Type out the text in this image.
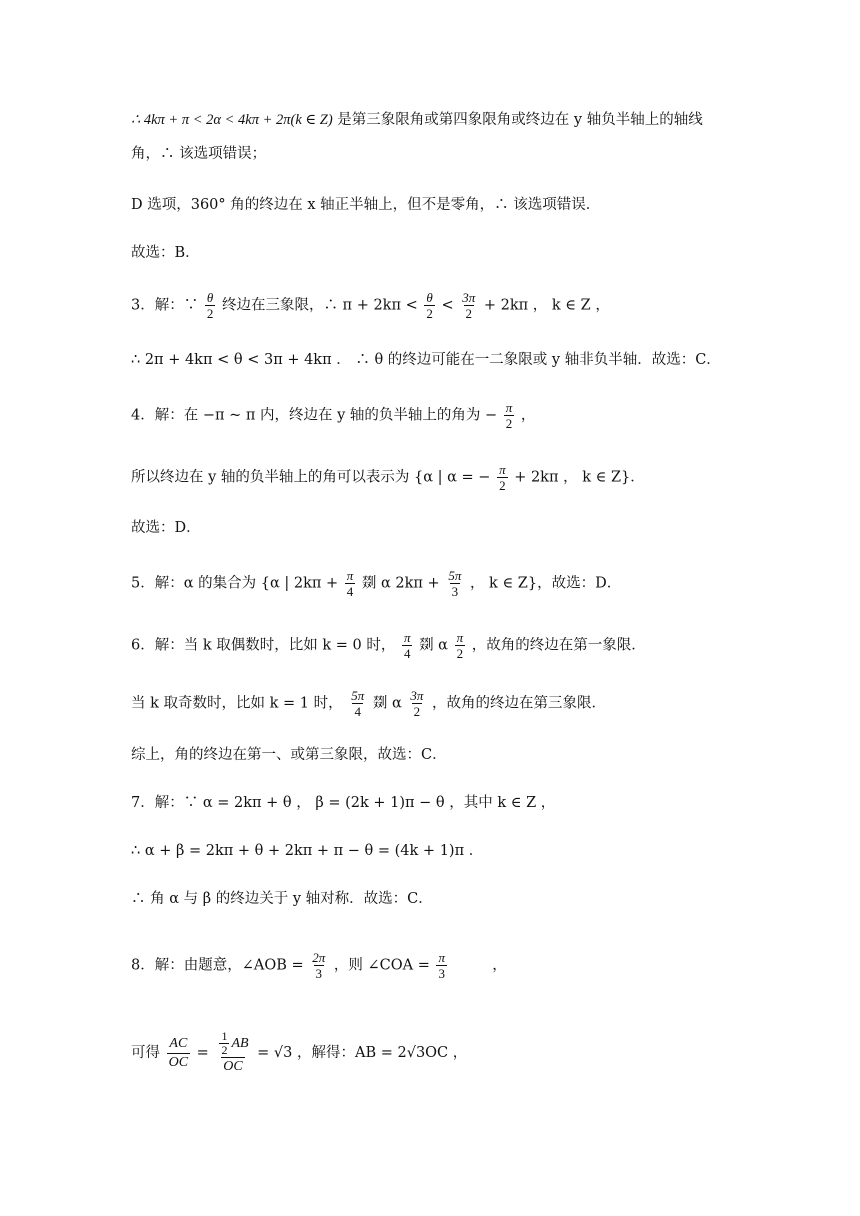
∴ 4kπ + π < 2α < 4kπ + 2π(k ∈ Z) 是第三象限角或第四象限角或终边在 y 轴负半轴上的轴线
角，∴ 该选项错误；
D 选项，360° 角的终边在 x 轴正半轴上，但不是零角，∴ 该选项错误．
故选：B．
3．解：∵ $\frac{\theta}{2}$ 终边在三象限，∴ $\pi + 2k\pi < \frac{\theta}{2} < \frac{3\pi}{2} + 2k\pi$ ， k ∈ Z ，
∴ 2π + 4kπ < θ < 3π + 4kπ ． ∴ θ 的终边可能在一二象限或 y 轴非负半轴．故选：C．
4．解：在 −π ~ π 内，终边在 y 轴的负半轴上的角为 − $\frac{\pi}{2}$ ，
所以终边在 y 轴的负半轴上的角可以表示为 {α | α = − $\frac{\pi}{2} + 2k\pi$ ， k ∈ Z}．
故选：D．
5．解：α 的集合为 {α | $2k\pi + \frac{\pi}{4}$ 剟 α $2k\pi + \frac{5\pi}{3}$ ， k ∈ Z}，故选：D．
6．解：当 k 取偶数时，比如 k = 0 时， $\frac{\pi}{4}$ 剟 α $\frac{\pi}{2}$ ，故角的终边在第一象限．
当 k 取奇数时，比如 k = 1 时， $\frac{5\pi}{4}$ 剟 α $\frac{3\pi}{2}$ ，故角的终边在第三象限．
综上，角的终边在第一、或第三象限，故选：C．
7．解：∵ α = 2kπ + θ ， β = (2k + 1)π − θ ，其中 k ∈ Z ，
∴ α + β = 2kπ + θ + 2kπ + π − θ = (4k + 1)π ．
∴ 角 α 与 β 的终边关于 y 轴对称．故选：C．
8．解：由题意，∠AOB = $\frac{2\pi}{3}$ ，则 ∠COA = $\frac{\pi}{3}$	，
可得 $\frac{AC}{OC} = \frac{\frac{1}{2} AB}{OC} = √3$ ，解得：AB = 2√3OC ，
